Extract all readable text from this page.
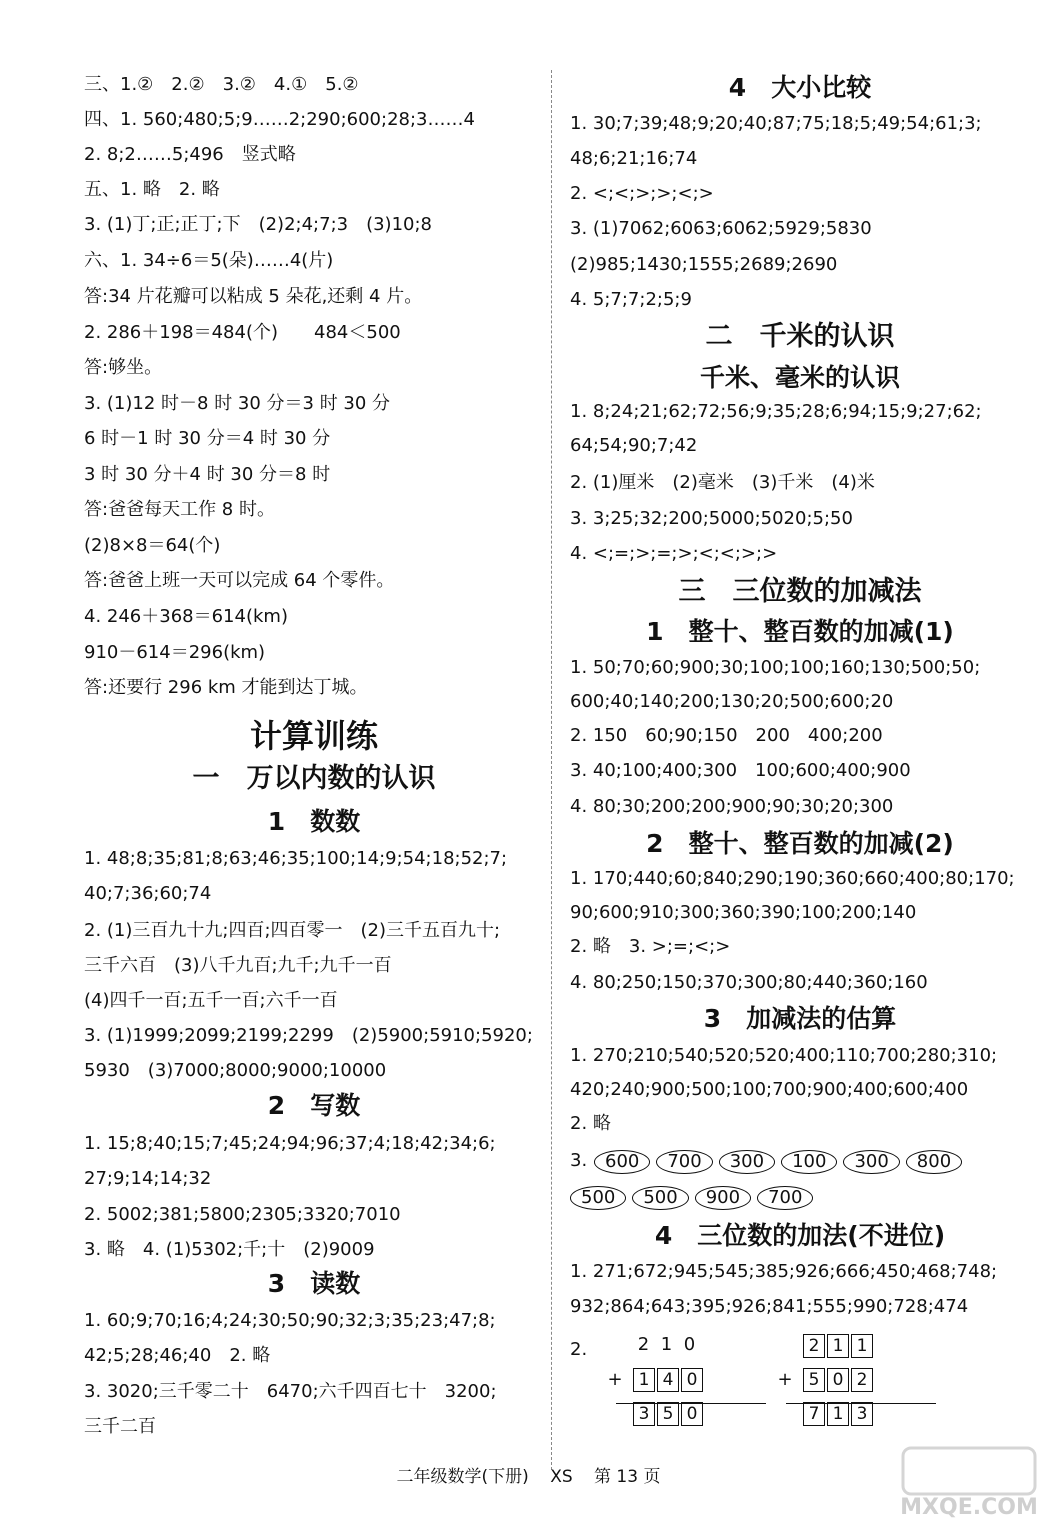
三、1.②　2.②　3.②　4.①　5.②
四、1. 560;480;5;9……2;290;600;28;3……4
2. 8;2……5;496　竖式略
五、1. 略　2. 略
3. (1)丁;正;正丁;下　(2)2;4;7;3　(3)10;8
六、1. 34÷6＝5(朵)……4(片)
答:34 片花瓣可以粘成 5 朵花,还剩 4 片。
2. 286＋198＝484(个)　　484＜500
答:够坐。
3. (1)12 时－8 时 30 分＝3 时 30 分
6 时－1 时 30 分＝4 时 30 分
3 时 30 分＋4 时 30 分＝8 时
答:爸爸每天工作 8 时。
(2)8×8＝64(个)
答:爸爸上班一天可以完成 64 个零件。
4. 246＋368＝614(km)
910－614＝296(km)
答:还要行 296 km 才能到达丁城。
计算训练
一　万以内数的认识
1　数数
1. 48;8;35;81;8;63;46;35;100;14;9;54;18;52;7;
40;7;36;60;74
2. (1)三百九十九;四百;四百零一　(2)三千五百九十;
三千六百　(3)八千九百;九千;九千一百
(4)四千一百;五千一百;六千一百
3. (1)1999;2099;2199;2299　(2)5900;5910;5920;
5930　(3)7000;8000;9000;10000
2　写数
1. 15;8;40;15;7;45;24;94;96;37;4;18;42;34;6;
27;9;14;14;32
2. 5002;381;5800;2305;3320;7010
3. 略　4. (1)5302;千;十　(2)9009
3　读数
1. 60;9;70;16;4;24;30;50;90;32;3;35;23;47;8;
42;5;28;46;40　2. 略
3. 3020;三千零二十　6470;六千四百七十　3200;
三千二百
4　大小比较
1. 30;7;39;48;9;20;40;87;75;18;5;49;54;61;3;
48;6;21;16;74
2. <;<;>;>;<;>
3. (1)7062;6063;6062;5929;5830
(2)985;1430;1555;2689;2690
4. 5;7;7;2;5;9
二　千米的认识
千米、毫米的认识
1. 8;24;21;62;72;56;9;35;28;6;94;15;9;27;62;
64;54;90;7;42
2. (1)厘米　(2)毫米　(3)千米　(4)米
3. 3;25;32;200;5000;5020;5;50
4. <;=;>;=;>;<;<;>;>
三　三位数的加减法
1　整十、整百数的加减(1)
1. 50;70;60;900;30;100;100;160;130;500;50;
600;40;140;200;130;20;500;600;20
2. 150　60;90;150　200　400;200
3. 40;100;400;300　100;600;400;900
4. 80;30;200;200;900;90;30;20;300
2　整十、整百数的加减(2)
1. 170;440;60;840;290;190;360;660;400;80;170;
90;600;910;300;360;390;100;200;140
2. 略　3. >;=;<;>
4. 80;250;150;370;300;80;440;360;160
3　加减法的估算
1. 270;210;540;520;520;400;110;700;280;310;
420;240;900;500;100;700;900;400;600;400
2. 略
3. 600	700	300	100	300	800
500	500	900	700
4　三位数的加法(不进位)
1. 271;672;945;545;385;926;666;450;468;748;
932;864;643;395;926;841;555;990;728;474
2.	2 1 0
+ 1 4 0
3 5 0
2 1 1
+ 5 0 2
7 1 3
二年级数学(下册) XS 第 13 页
MXQE.COM
